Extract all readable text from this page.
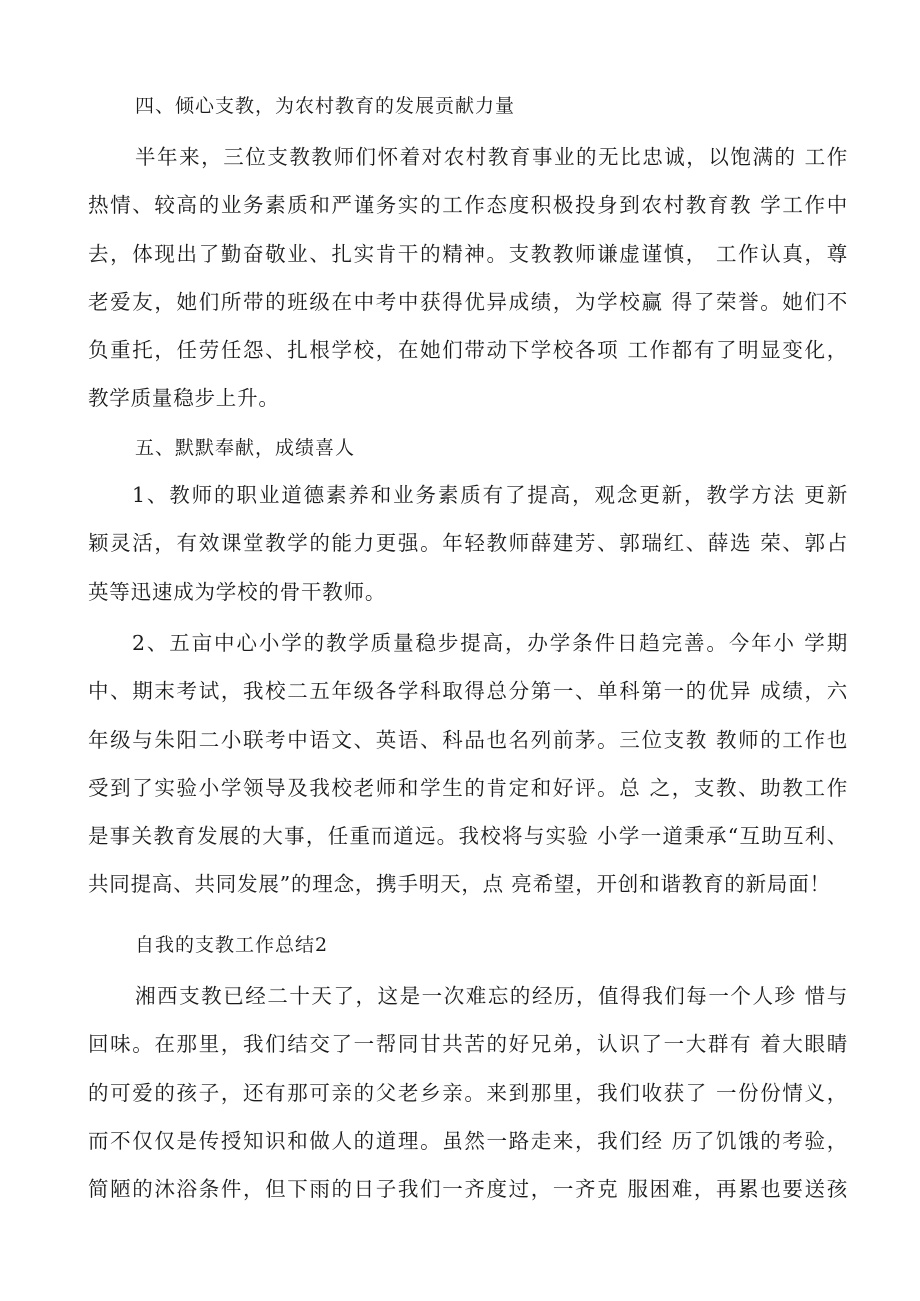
四、倾心支教，为农村教育的发展贡献力量
半年来，三位支教教师们怀着对农村教育事业的无比忠诚，以饱满的 工作
热情、较高的业务素质和严谨务实的工作态度积极投身到农村教育教 学工作中
去，体现出了勤奋敬业、扎实肯干的精神。支教教师谦虚谨慎， 工作认真，尊
老爱友，她们所带的班级在中考中获得优异成绩，为学校赢 得了荣誉。她们不
负重托，任劳任怨、扎根学校，在她们带动下学校各项 工作都有了明显变化，
教学质量稳步上升。
五、默默奉献，成绩喜人
1、教师的职业道德素养和业务素质有了提高，观念更新，教学方法 更新
颖灵活，有效课堂教学的能力更强。年轻教师薛建芳、郭瑞红、薛选 荣、郭占
英等迅速成为学校的骨干教师。
2、五亩中心小学的教学质量稳步提高，办学条件日趋完善。今年小 学期
中、期末考试，我校二五年级各学科取得总分第一、单科第一的优异 成绩，六
年级与朱阳二小联考中语文、英语、科品也名列前茅。三位支教 教师的工作也
受到了实验小学领导及我校老师和学生的肯定和好评。总 之，支教、助教工作
是事关教育发展的大事，任重而道远。我校将与实验 小学一道秉承“互助互利、
共同提高、共同发展”的理念，携手明天，点 亮希望，开创和谐教育的新局面！
自我的支教工作总结2
湘西支教已经二十天了，这是一次难忘的经历，值得我们每一个人珍 惜与
回味。在那里，我们结交了一帮同甘共苦的好兄弟，认识了一大群有 着大眼睛
的可爱的孩子，还有那可亲的父老乡亲。来到那里，我们收获了 一份份情义，
而不仅仅是传授知识和做人的道理。虽然一路走来，我们经 历了饥饿的考验，
简陋的沐浴条件，但下雨的日子我们一齐度过，一齐克 服困难，再累也要送孩
